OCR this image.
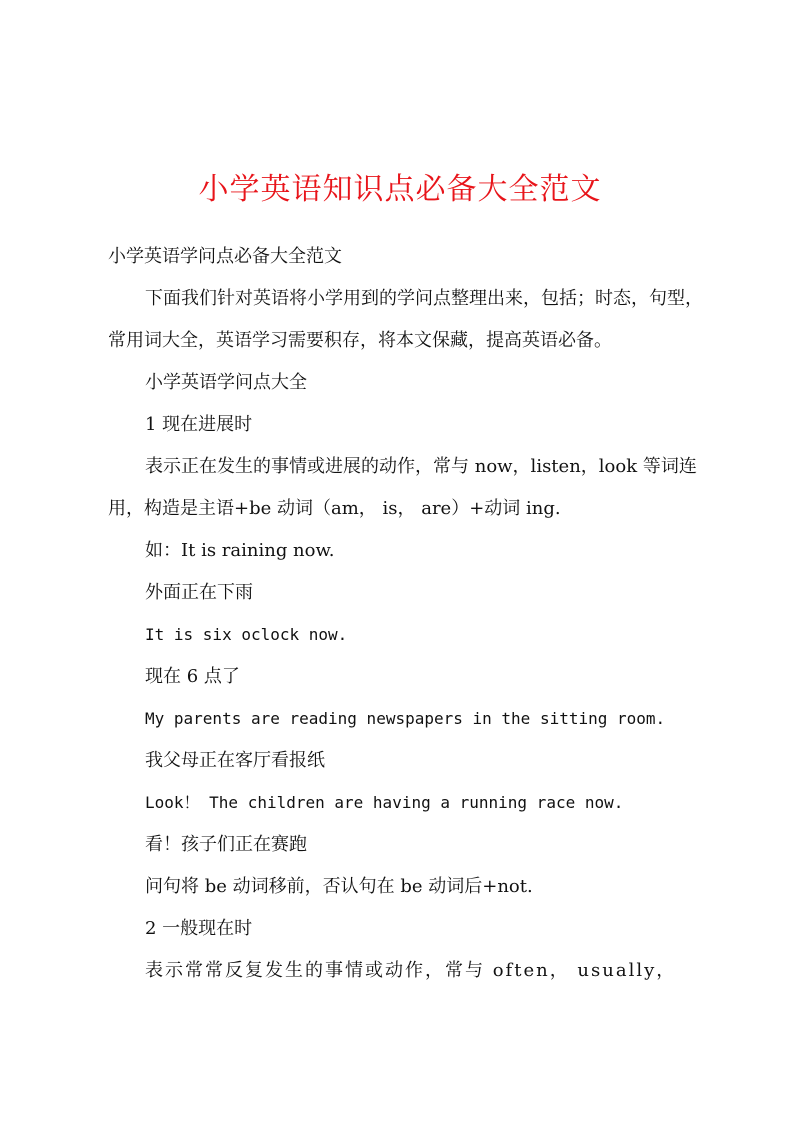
小学英语知识点必备大全范文

小学英语学问点必备大全范文

下面我们针对英语将小学用到的学问点整理出来，包括；时态，句型，

常用词大全，英语学习需要积存，将本文保藏，提高英语必备。

小学英语学问点大全

1 现在进展时

表示正在发生的事情或进展的动作，常与 now，listen，look 等词连

用，构造是主语+be 动词（am， is， are）+动词 ing.

如：It is raining now.

外面正在下雨

It is six oclock now.

现在 6 点了

My parents are reading newspapers in the sitting room.

我父母正在客厅看报纸

Look！ The children are having a running race now.

看！孩子们正在赛跑

问句将 be 动词移前，否认句在 be 动词后+not.

2 一般现在时

表示常常反复发生的事情或动作，常与 often， usually，
